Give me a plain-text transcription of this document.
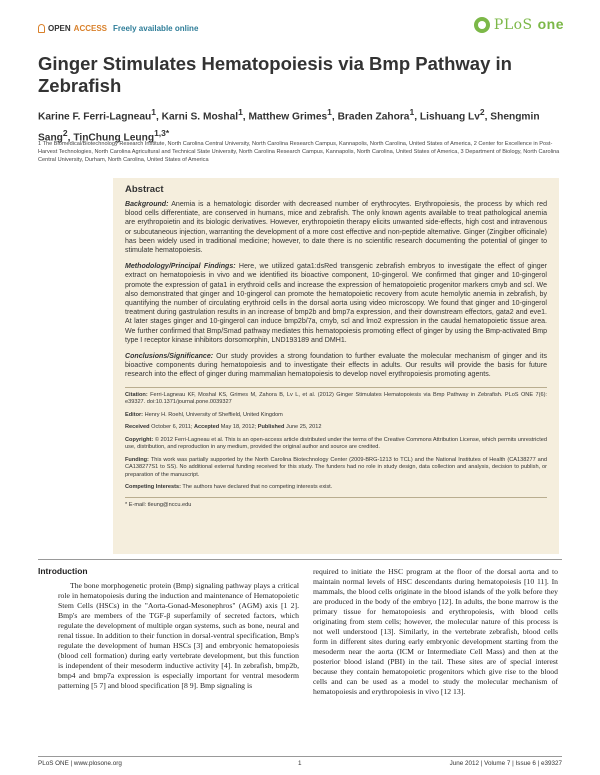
OPEN ACCESS Freely available online	PLoS one
Ginger Stimulates Hematopoiesis via Bmp Pathway in Zebrafish
Karine F. Ferri-Lagneau$^1$, Karni S. Moshal$^1$, Matthew Grimes$^1$, Braden Zahora$^1$, Lishuang Lv$^2$, Shengmin Sang$^2$, TinChung Leung$^{1,3*}$
1 The Biomedical/Biotechnology Research Institute, North Carolina Central University, North Carolina Research Campus, Kannapolis, North Carolina, United States of America, 2 Center for Excellence in Post-Harvest Technologies, North Carolina Agricultural and Technical State University, North Carolina Research Campus, Kannapolis, North Carolina, United States of America, 3 Department of Biology, North Carolina Central University, Durham, North Carolina, United States of America
Abstract

Background: Anemia is a hematologic disorder with decreased number of erythrocytes. Erythropoiesis, the process by which red blood cells differentiate, are conserved in humans, mice and zebrafish. The only known agents available to treat pathological anemia are erythropoietin and its biologic derivatives. However, erythropoietin therapy elicits unwanted side-effects, high cost and intravenous or subcutaneous injection, warranting the development of a more cost effective and non-peptide alternative. Ginger (Zingiber officinale) has been widely used in traditional medicine; however, to date there is no scientific research documenting the potential of ginger to stimulate hematopoiesis.

Methodology/Principal Findings: Here, we utilized gata1:dsRed transgenic zebrafish embryos to investigate the effect of ginger extract on hematopoiesis in vivo and we identified its bioactive component, 10-gingerol. We confirmed that ginger and 10-gingerol promote the expression of gata1 in erythroid cells and increase the expression of hematopoietic progenitor markers cmyb and scl. We also demonstrated that ginger and 10-gingerol can promote the hematopoietic recovery from acute hemolytic anemia in zebrafish, by quantifying the number of circulating erythroid cells in the dorsal aorta using video microscopy. We found that ginger and 10-gingerol treatment during gastrulation results in an increase of bmp2b and bmp7a expression, and their downstream effectors, gata2 and eve1. At later stages ginger and 10-gingerol can induce bmp2b/7a, cmyb, scl and lmo2 expression in the caudal hematopoietic tissue area. We further confirmed that Bmp/Smad pathway mediates this hematopoiesis promoting effect of ginger by using the Bmp-activated Bmp type I receptor kinase inhibitors dorsomorphin, LND193189 and DMH1.

Conclusions/Significance: Our study provides a strong foundation to further evaluate the molecular mechanism of ginger and its bioactive components during hematopoiesis and to investigate their effects in adults. Our results will provide the basis for future research into the effect of ginger during mammalian hematopoiesis to develop novel erythropoiesis promoting agents.

Citation: Ferri-Lagneau KF, Moshal KS, Grimes M, Zahora B, Lv L, et al. (2012) Ginger Stimulates Hematopoiesis via Bmp Pathway in Zebrafish. PLoS ONE 7(6): e39327. doi:10.1371/journal.pone.0039327

Editor: Henry H. Roehl, University of Sheffield, United Kingdom

Received October 6, 2011; Accepted May 18, 2012; Published June 25, 2012

Copyright: © 2012 Ferri-Lagneau et al. This is an open-access article distributed under the terms of the Creative Commons Attribution License, which permits unrestricted use, distribution, and reproduction in any medium, provided the original author and source are credited.

Funding: This work was partially supported by the North Carolina Biotechnology Center (2009-BRG-1213 to TCL) and the National Institutes of Health (CA138277 and CA138277S1 to SS). No additional external funding received for this study. The funders had no role in study design, data collection and analysis, decision to publish, or preparation of the manuscript.

Competing Interests: The authors have declared that no competing interests exist.

* E-mail: tleung@nccu.edu

Introduction

The bone morphogenetic protein (Bmp) signaling pathway plays a critical role in hematopoiesis during the induction and maintenance of Hematopoietic Stem Cells (HSCs) in the "Aorta-Gonad-Mesonephros" (AGM) axis [1 2]. Bmp's are members of the TGF-β superfamily of secreted factors, which regulate the development of multiple organ systems, such as bone, neural and renal tissue. In addition to their function in dorsal-ventral specification, Bmp's regulate the development of human HSCs [3] and embryonic hematopoiesis (blood cell formation) during early vertebrate development, but this function is independent of their mesoderm inductive activity [4]. In zebrafish, bmp2b, bmp4 and bmp7a expression is especially important for ventral mesoderm patterning [5 7] and blood specification [8 9]. Bmp signaling is

required to initiate the HSC program at the floor of the dorsal aorta and to maintain normal levels of HSC descendants during hematopoiesis [10 11]. In mammals, the blood cells originate in the blood islands of the yolk before they are produced in the body of the embryo [12]. In adults, the bone marrow is the primary tissue for hematopoiesis and erythropoiesis, with blood cells originating from stem cells; however, the molecular nature of this process is not well understood [13]. Similarly, in the vertebrate zebrafish, blood cells form in different sites during early embryonic development starting from the mesoderm near the aorta (ICM or Intermediate Cell Mass) and then at the posterior blood island (PBI) in the tail. These sites are of special interest because they contain hematopoietic progenitors which give rise to the blood cells and can be used as a model to study the molecular mechanism of hematopoiesis and erythropoiesis in vivo [12 13].

PLoS ONE | www.plosone.org	1	June 2012 | Volume 7 | Issue 6 | e39327
